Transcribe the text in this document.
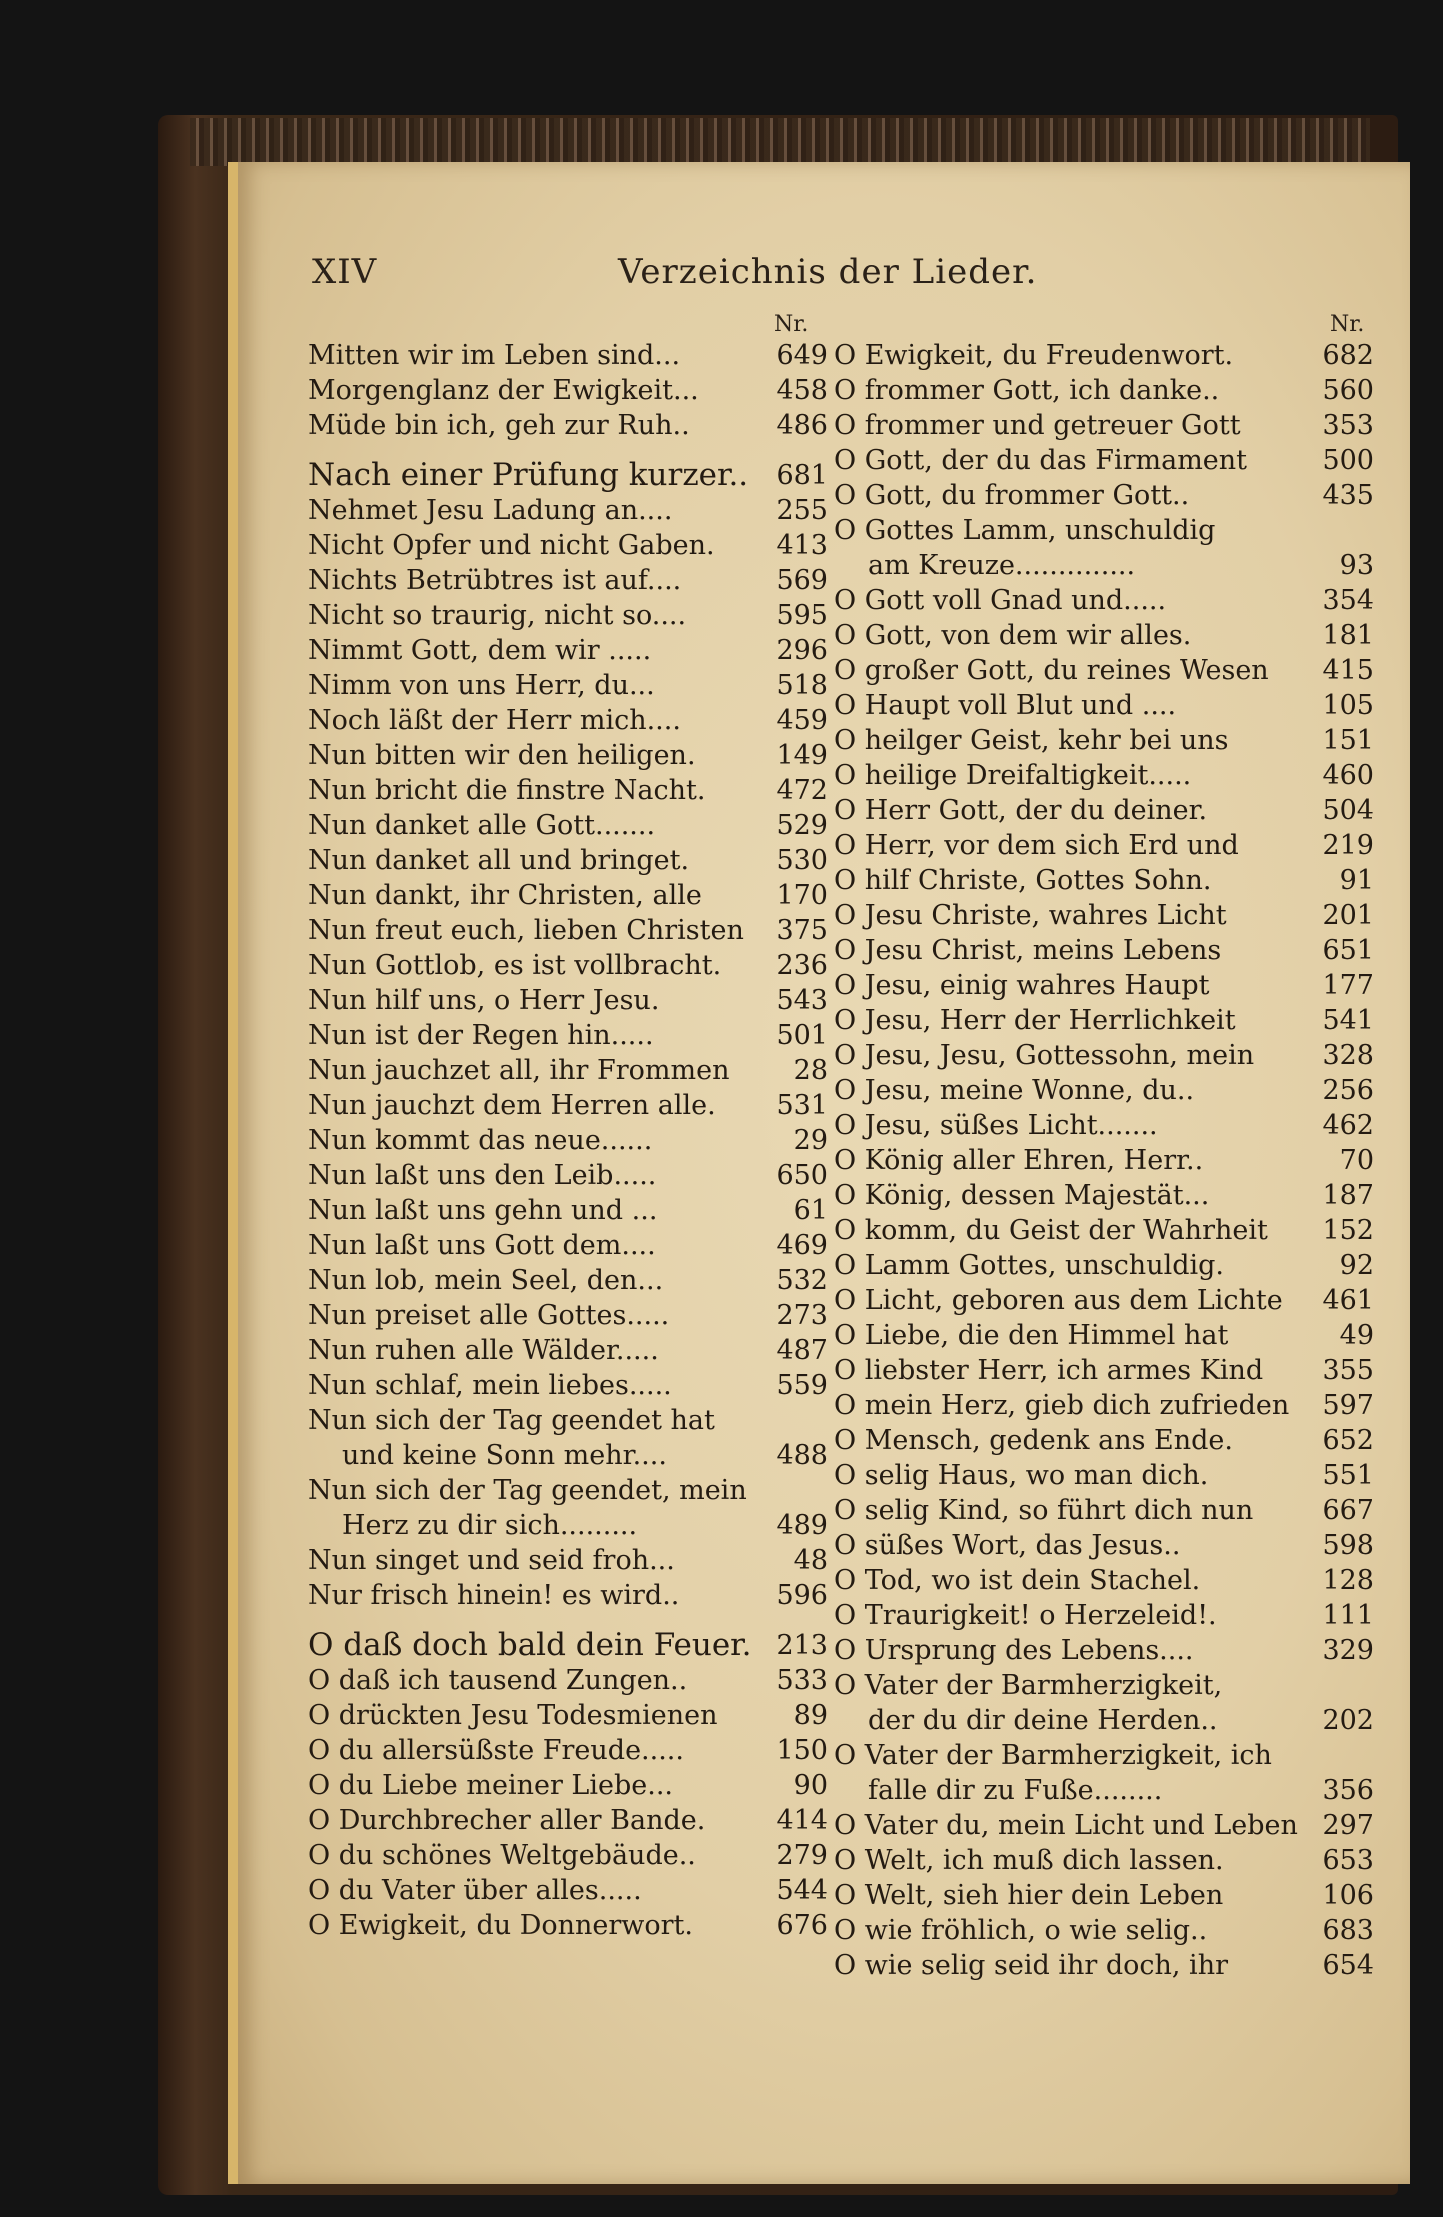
XIV	Verzeichnis der Lieder.
Nr.	Nr.
Mitten wir im Leben sind...	649
Morgenglanz der Ewigkeit...	458
Müde bin ich, geh zur Ruh..	486
Nach einer Prüfung kurzer.. 681
Nehmet Jesu Ladung an....	255
Nicht Opfer und nicht Gaben. 413
Nichts Betrübtres ist auf....	569
Nicht so traurig, nicht so....	595
Nimmt Gott, dem wir .....	296
Nimm von uns Herr, du...	518
Noch läßt der Herr mich....	459
Nun bitten wir den heiligen.	149
Nun bricht die finstre Nacht.	472
Nun danket alle Gott.......	529
Nun danket all und bringet.	530
Nun dankt, ihr Christen, alle	170
Nun freut euch, lieben Christen 375
Nun Gottlob, es ist vollbracht. 236
Nun hilf uns, o Herr Jesu.	543
Nun ist der Regen hin.....	501
Nun jauchzet all, ihr Frommen 28
Nun jauchzt dem Herren alle. 531
Nun kommt das neue......	29
Nun laßt uns den Leib.....	650
Nun laßt uns gehn und ...	61
Nun laßt uns Gott dem....	469
Nun lob, mein Seel, den...	532
Nun preiset alle Gottes.....	273
Nun ruhen alle Wälder.....	487
Nun schlaf, mein liebes.....	559
Nun sich der Tag geendet hat
und keine Sonn mehr....	488
Nun sich der Tag geendet, mein
Herz zu dir sich.........	489
Nun singet und seid froh...	48
Nur frisch hinein! es wird..	596
O daß doch bald dein Feuer. 213
O daß ich tausend Zungen..	533
O drückten Jesu Todesmienen	89
O du allersüßste Freude.....	150
O du Liebe meiner Liebe...	90
O Durchbrecher aller Bande.	414
O du schönes Weltgebäude..	279
O du Vater über alles.....	544
O Ewigkeit, du Donnerwort.	676
O Ewigkeit, du Freudenwort.	682
O frommer Gott, ich danke..	560
O frommer und getreuer Gott	353
O Gott, der du das Firmament	500
O Gott, du frommer Gott..	435
O Gottes Lamm, unschuldig
am Kreuze..............	93
O Gott voll Gnad und.....	354
O Gott, von dem wir alles.	181
O großer Gott, du reines Wesen 415
O Haupt voll Blut und ....	105
O heilger Geist, kehr bei uns	151
O heilige Dreifaltigkeit.....	460
O Herr Gott, der du deiner.	504
O Herr, vor dem sich Erd und	219
O hilf Christe, Gottes Sohn.	91
O Jesu Christe, wahres Licht	201
O Jesu Christ, meins Lebens	651
O Jesu, einig wahres Haupt	177
O Jesu, Herr der Herrlichkeit	541
O Jesu, Jesu, Gottessohn, mein	328
O Jesu, meine Wonne, du..	256
O Jesu, süßes Licht.......	462
O König aller Ehren, Herr..	70
O König, dessen Majestät...	187
O komm, du Geist der Wahrheit 152
O Lamm Gottes, unschuldig.	92
O Licht, geboren aus dem Lichte 461
O Liebe, die den Himmel hat	49
O liebster Herr, ich armes Kind 355
O mein Herz, gieb dich zufrieden 597
O Mensch, gedenk ans Ende.	652
O selig Haus, wo man dich.	551
O selig Kind, so führt dich nun	667
O süßes Wort, das Jesus..	598
O Tod, wo ist dein Stachel.	128
O Traurigkeit! o Herzeleid!.	111
O Ursprung des Lebens....	329
O Vater der Barmherzigkeit,
der du dir deine Herden..	202
O Vater der Barmherzigkeit, ich
falle dir zu Fuße........	356
O Vater du, mein Licht und Leben 297
O Welt, ich muß dich lassen.	653
O Welt, sieh hier dein Leben	106
O wie fröhlich, o wie selig..	683
O wie selig seid ihr doch, ihr	654
